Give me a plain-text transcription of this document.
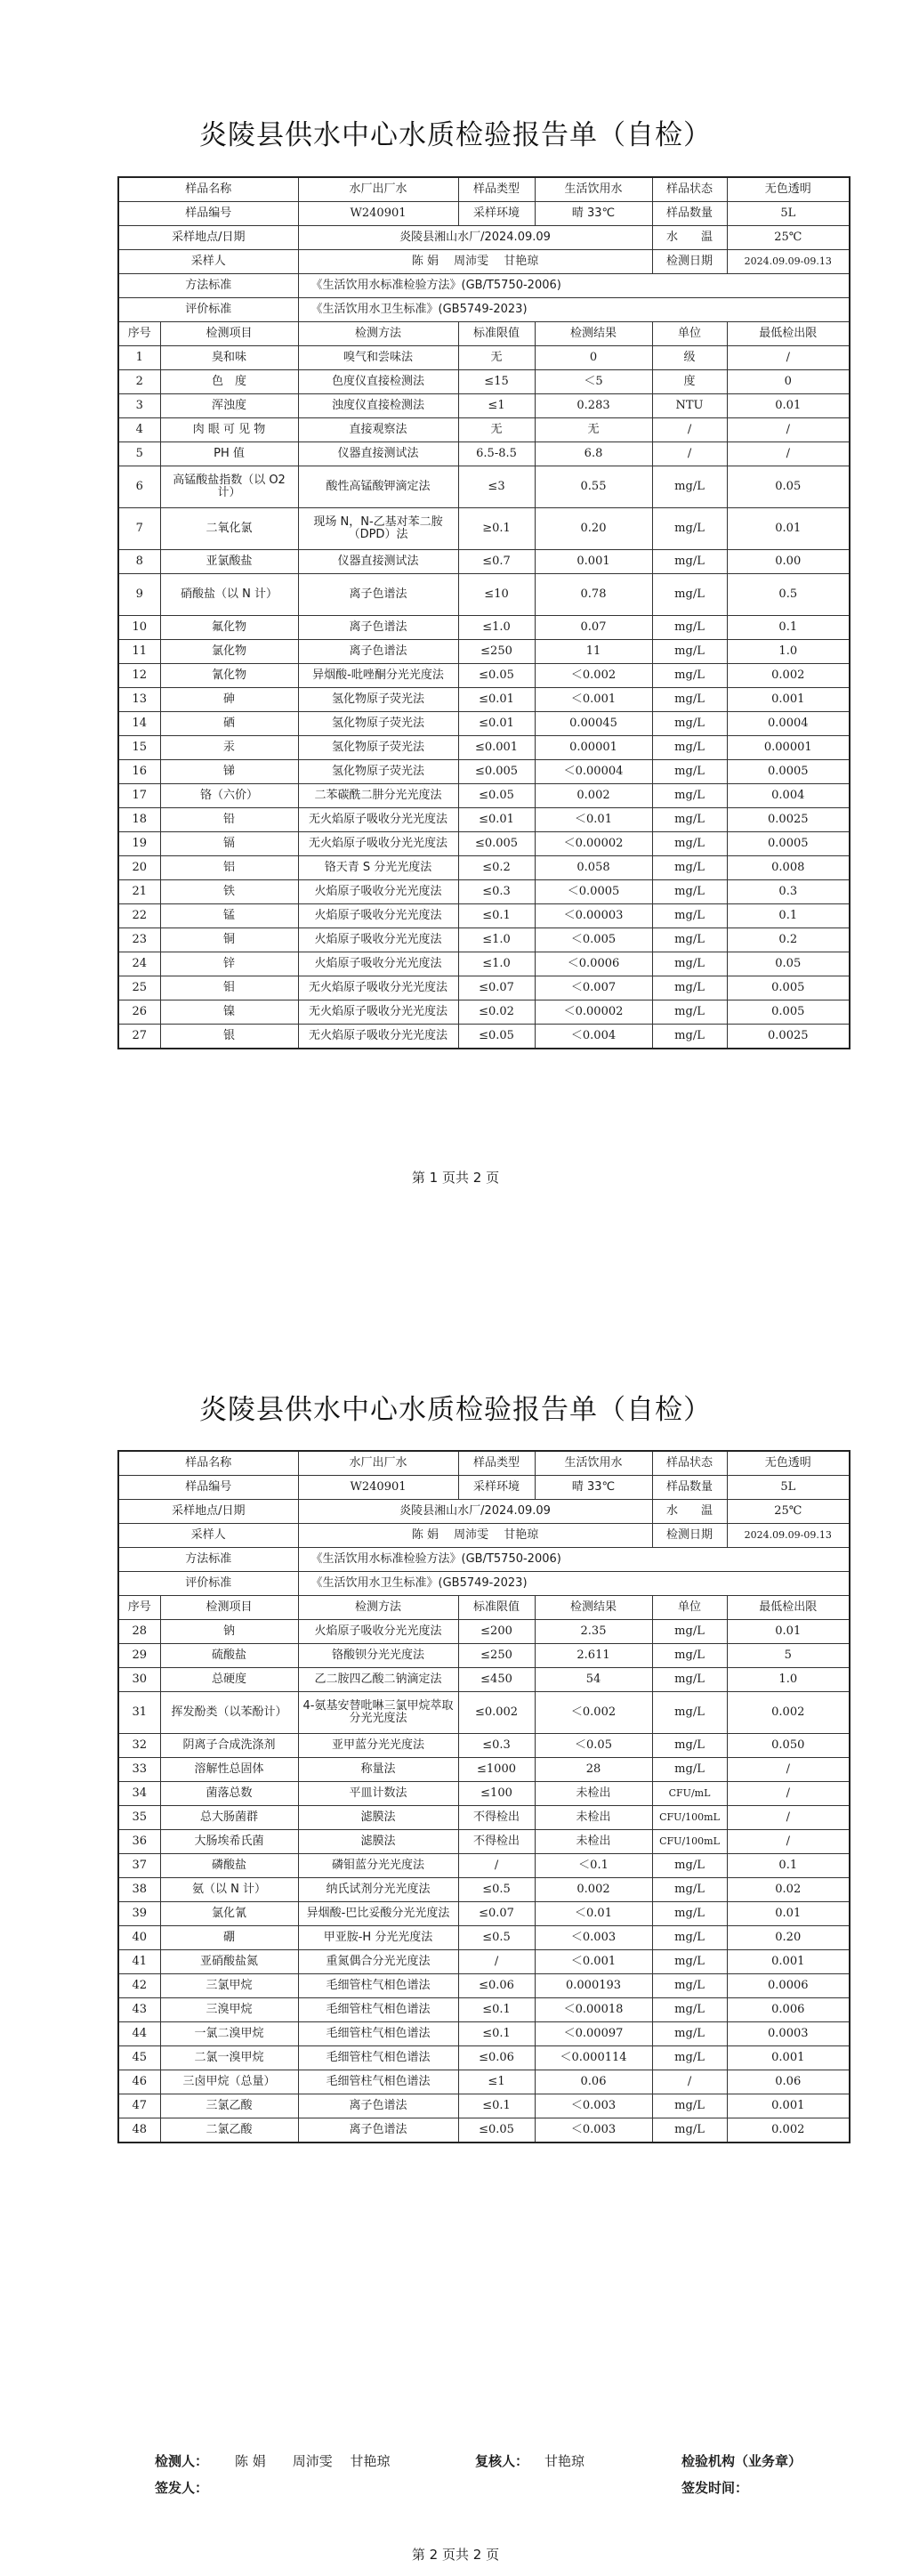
炎陵县供水中心水质检验报告单（自检）
样品名称		水厂出厂水	样品类型	生活饮用水	样品状态	无色透明
样品编号		W240901	采样环境	晴 33℃	样品数量	5L
采样地点/日期		炎陵县湘山水厂/2024.09.09			水　　温	25℃
采样人		陈 娟　 周沛雯　 甘艳琼			检测日期	2024.09.09-09.13
方法标准		《生活饮用水标准检验方法》(GB/T5750-2006)				
评价标准		《生活饮用水卫生标准》(GB5749-2023)				
序号	检测项目	检测方法	标准限值	检测结果	单位	最低检出限
1	臭和味	嗅气和尝味法	无	0	级	/
2	色　度	色度仪直接检测法	≤15	＜5	度	0
3	浑浊度	浊度仪直接检测法	≤1	0.283	NTU	0.01
4	肉 眼 可 见 物	直接观察法	无	无	/	/
5	PH 值	仪器直接测试法	6.5-8.5	6.8	/	/
6	高锰酸盐指数（以 O2 计）	酸性高锰酸钾滴定法	≤3	0.55	mg/L	0.05
7	二氧化氯	现场 N，N-乙基对苯二胺（DPD）法	≥0.1	0.20	mg/L	0.01
8	亚氯酸盐	仪器直接测试法	≤0.7	0.001	mg/L	0.00
9	硝酸盐（以 N 计）	离子色谱法	≤10	0.78	mg/L	0.5
10	氟化物	离子色谱法	≤1.0	0.07	mg/L	0.1
11	氯化物	离子色谱法	≤250	11	mg/L	1.0
12	氰化物	异烟酸-吡唑酮分光光度法	≤0.05	＜0.002	mg/L	0.002
13	砷	氢化物原子荧光法	≤0.01	＜0.001	mg/L	0.001
14	硒	氢化物原子荧光法	≤0.01	0.00045	mg/L	0.0004
15	汞	氢化物原子荧光法	≤0.001	0.00001	mg/L	0.00001
16	锑	氢化物原子荧光法	≤0.005	＜0.00004	mg/L	0.0005
17	铬（六价）	二苯碳酰二肼分光光度法	≤0.05	0.002	mg/L	0.004
18	铅	无火焰原子吸收分光光度法	≤0.01	＜0.01	mg/L	0.0025
19	镉	无火焰原子吸收分光光度法	≤0.005	＜0.00002	mg/L	0.0005
20	铝	铬天青 S 分光光度法	≤0.2	0.058	mg/L	0.008
21	铁	火焰原子吸收分光光度法	≤0.3	＜0.0005	mg/L	0.3
22	锰	火焰原子吸收分光光度法	≤0.1	＜0.00003	mg/L	0.1
23	铜	火焰原子吸收分光光度法	≤1.0	＜0.005	mg/L	0.2
24	锌	火焰原子吸收分光光度法	≤1.0	＜0.0006	mg/L	0.05
25	钼	无火焰原子吸收分光光度法	≤0.07	＜0.007	mg/L	0.005
26	镍	无火焰原子吸收分光光度法	≤0.02	＜0.00002	mg/L	0.005
27	银	无火焰原子吸收分光光度法	≤0.05	＜0.004	mg/L	0.0025
第 1 页共 2 页
炎陵县供水中心水质检验报告单（自检）
样品名称		水厂出厂水	样品类型	生活饮用水	样品状态	无色透明
样品编号		W240901	采样环境	晴 33℃	样品数量	5L
采样地点/日期		炎陵县湘山水厂/2024.09.09			水　　温	25℃
采样人		陈 娟　 周沛雯　 甘艳琼			检测日期	2024.09.09-09.13
方法标准		《生活饮用水标准检验方法》(GB/T5750-2006)				
评价标准		《生活饮用水卫生标准》(GB5749-2023)				
序号	检测项目	检测方法	标准限值	检测结果	单位	最低检出限
28	钠	火焰原子吸收分光光度法	≤200	2.35	mg/L	0.01
29	硫酸盐	铬酸钡分光光度法	≤250	2.611	mg/L	5
30	总硬度	乙二胺四乙酸二钠滴定法	≤450	54	mg/L	1.0
31	挥发酚类（以苯酚计）	4-氨基安替吡啉三氯甲烷萃取分光光度法	≤0.002	＜0.002	mg/L	0.002
32	阴离子合成洗涤剂	亚甲蓝分光光度法	≤0.3	＜0.05	mg/L	0.050
33	溶解性总固体	称量法	≤1000	28	mg/L	/
34	菌落总数	平皿计数法	≤100	未检出	CFU/mL	/
35	总大肠菌群	滤膜法	不得检出	未检出	CFU/100mL	/
36	大肠埃希氏菌	滤膜法	不得检出	未检出	CFU/100mL	/
37	磷酸盐	磷钼蓝分光光度法	/	＜0.1	mg/L	0.1
38	氨（以 N 计）	纳氏试剂分光光度法	≤0.5	0.002	mg/L	0.02
39	氯化氰	异烟酸-巴比妥酸分光光度法	≤0.07	＜0.01	mg/L	0.01
40	硼	甲亚胺-H 分光光度法	≤0.5	＜0.003	mg/L	0.20
41	亚硝酸盐氮	重氮偶合分光光度法	/	＜0.001	mg/L	0.001
42	三氯甲烷	毛细管柱气相色谱法	≤0.06	0.000193	mg/L	0.0006
43	三溴甲烷	毛细管柱气相色谱法	≤0.1	＜0.00018	mg/L	0.006
44	一氯二溴甲烷	毛细管柱气相色谱法	≤0.1	＜0.00097	mg/L	0.0003
45	二氯一溴甲烷	毛细管柱气相色谱法	≤0.06	＜0.000114	mg/L	0.001
46	三卤甲烷（总量）	毛细管柱气相色谱法	≤1	0.06	/	0.06
47	三氯乙酸	离子色谱法	≤0.1	＜0.003	mg/L	0.001
48	二氯乙酸	离子色谱法	≤0.05	＜0.003	mg/L	0.002
检测人： 陈 娟　　周沛雯　 甘艳琼	复核人： 甘艳琼	检验机构（业务章）
签发人：	签发时间：
第 2 页共 2 页
